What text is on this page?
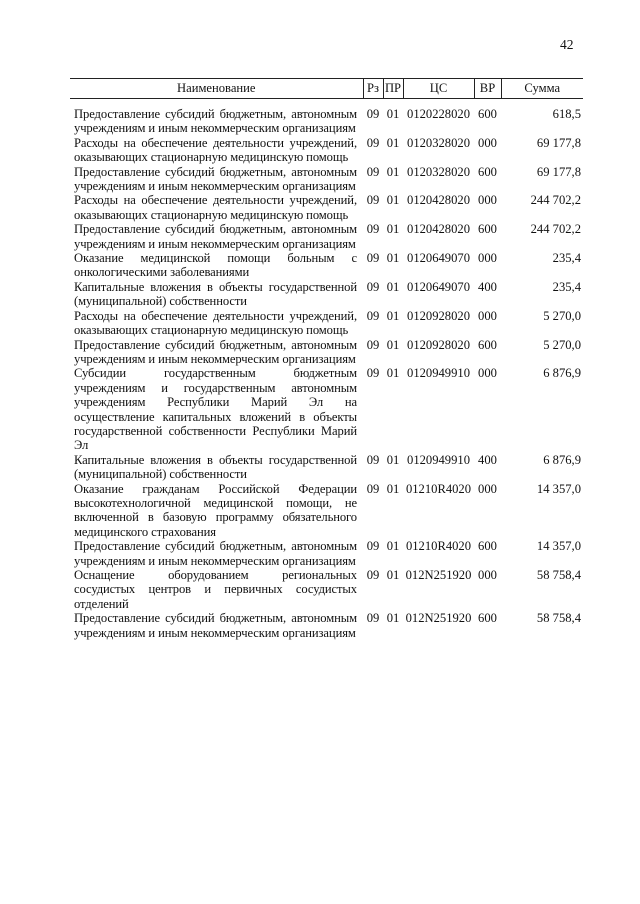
42
Наименование	Рз	ПР	ЦС	ВР	Сумма

Предоставление субсидий бюджетным, автономным учреждениям и иным некоммерческим организациям	09	01	0120228020	600	618,5
Расходы на обеспечение деятельности учреждений, оказывающих стационарную медицинскую помощь	09	01	0120328020	000	69 177,8
Предоставление субсидий бюджетным, автономным учреждениям и иным некоммерческим организациям	09	01	0120328020	600	69 177,8
Расходы на обеспечение деятельности учреждений, оказывающих стационарную медицинскую помощь	09	01	0120428020	000	244 702,2
Предоставление субсидий бюджетным, автономным учреждениям и иным некоммерческим организациям	09	01	0120428020	600	244 702,2
Оказание медицинской помощи больным с онкологическими заболеваниями	09	01	0120649070	000	235,4
Капитальные вложения в объекты государственной (муниципальной) собственности	09	01	0120649070	400	235,4
Расходы на обеспечение деятельности учреждений, оказывающих стационарную медицинскую помощь	09	01	0120928020	000	5 270,0
Предоставление субсидий бюджетным, автономным учреждениям и иным некоммерческим организациям	09	01	0120928020	600	5 270,0
Субсидии государственным бюджетным учреждениям и государственным автономным учреждениям Республики Марий Эл на осуществление капитальных вложений в объекты государственной собственности Республики Марий Эл	09	01	0120949910	000	6 876,9
Капитальные вложения в объекты государственной (муниципальной) собственности	09	01	0120949910	400	6 876,9
Оказание гражданам Российской Федерации высокотехнологичной медицинской помощи, не включенной в базовую программу обязательного медицинского страхования	09	01	01210R4020	000	14 357,0
Предоставление субсидий бюджетным, автономным учреждениям и иным некоммерческим организациям	09	01	01210R4020	600	14 357,0
Оснащение оборудованием региональных сосудистых центров и первичных сосудистых отделений	09	01	012N251920	000	58 758,4
Предоставление субсидий бюджетным, автономным учреждениям и иным некоммерческим организациям	09	01	012N251920	600	58 758,4
